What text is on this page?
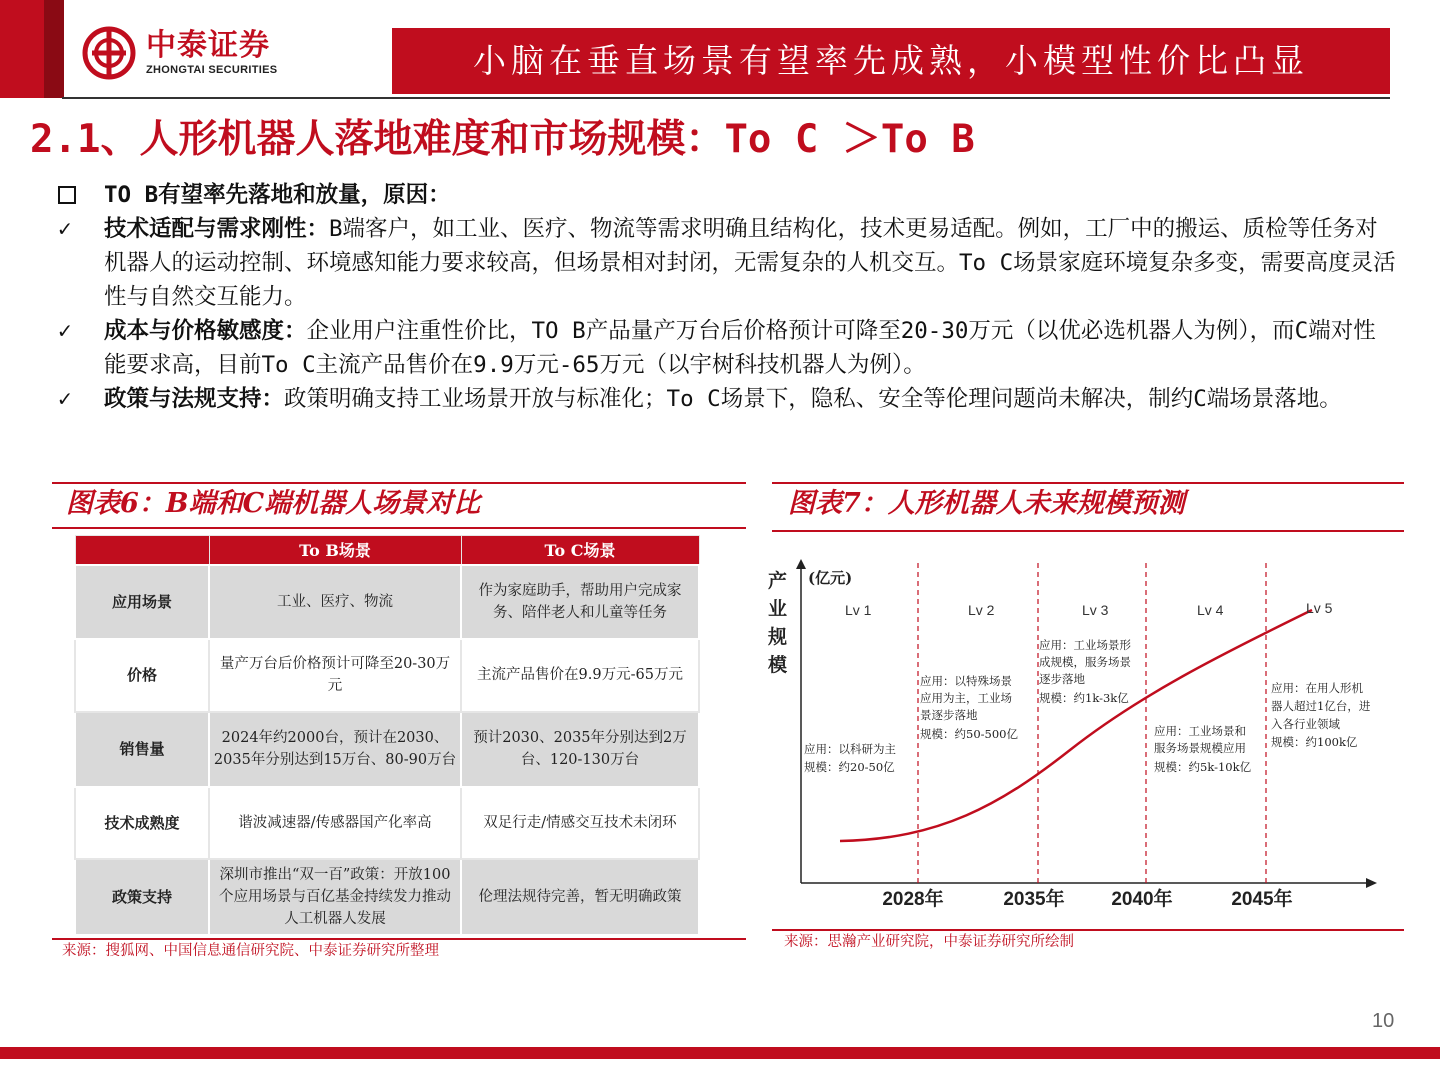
中泰证券
ZHONGTAI SECURITIES	小脑在垂直场景有望率先成熟，小模型性价比凸显
2.1、人形机器人落地难度和市场规模：To C ＞To B
TO B有望率先落地和放量，原因：
✓	技术适配与需求刚性：B端客户，如工业、医疗、物流等需求明确且结构化，技术更易适配。例如，工厂中的搬运、质检等任务对机器人的运动控制、环境感知能力要求较高，但场景相对封闭，无需复杂的人机交互。To C场景家庭环境复杂多变，需要高度灵活性与自然交互能力。
✓	成本与价格敏感度：企业用户注重性价比，TO B产品量产万台后价格预计可降至20-30万元（以优必选机器人为例），而C端对性能要求高，目前To C主流产品售价在9.9万元-65万元（以宇树科技机器人为例）。
✓	政策与法规支持：政策明确支持工业场景开放与标准化；To C场景下，隐私、安全等伦理问题尚未解决，制约C端场景落地。
图表6：B端和C端机器人场景对比
	To B场景	To C场景
应用场景	工业、医疗、物流	作为家庭助手，帮助用户完成家务、陪伴老人和儿童等任务
价格	量产万台后价格预计可降至20-30万元	主流产品售价在9.9万元-65万元
销售量	2024年约2000台，预计在2030、2035年分别达到15万台、80-90万台	预计2030、2035年分别达到2万台、120-130万台
技术成熟度	谐波减速器/传感器国产化率高	双足行走/情感交互技术未闭环
政策支持	深圳市推出“双一百”政策：开放100个应用场景与百亿基金持续发力推动人工机器人发展	伦理法规待完善，暂无明确政策
来源：搜狐网、中国信息通信研究院、中泰证券研究所整理
图表7：人形机器人未来规模预测
(亿元)
产
业
规
模
Lv 1	Lv 2	Lv 3	Lv 4	Lv 5
应用：以科研为主
规模：约20-50亿
应用：以特殊场景
应用为主，工业场
景逐步落地
规模：约50-500亿
应用：工业场景形
成规模，服务场景
逐步落地
规模：约1k-3k亿
应用：工业场景和
服务场景规模应用
规模：约5k-10k亿
应用：在用人形机
器人超过1亿台，进
入各行业领域
规模：约100k亿
2028年	2035年 2040年	2045年
来源：思瀚产业研究院，中泰证券研究所绘制
10
